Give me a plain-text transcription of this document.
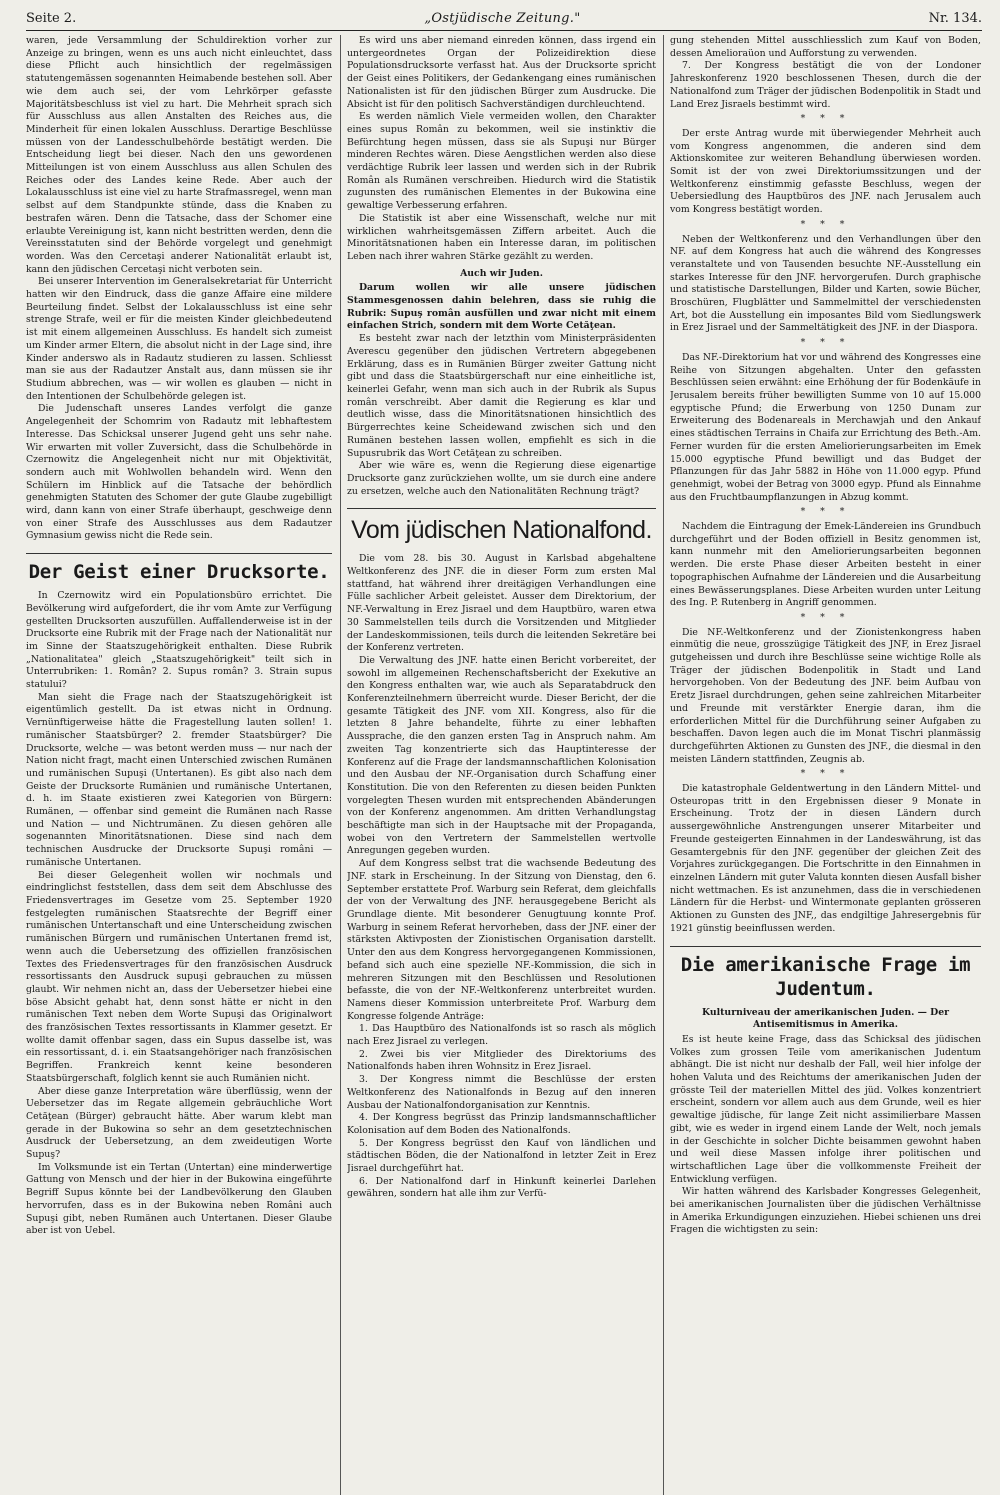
Seite 2.	„Ostjüdische Zeitung."	Nr. 134.

waren, jede Versammlung der Schuldirektion vorher zur Anzeige zu bringen, wenn es uns auch nicht einleuchtet, dass diese Pflicht auch hinsichtlich der regelmässigen statutengemässen sogenannten Heimabende bestehen soll. Aber wie dem auch sei, der vom Lehrkörper gefasste Majoritätsbeschluss ist viel zu hart. Die Mehrheit sprach sich für Ausschluss aus allen Anstalten des Reiches aus, die Minderheit für einen lokalen Ausschluss. Derartige Beschlüsse müssen von der Landesschulbehörde bestätigt werden. Die Entscheidung liegt bei dieser. Nach den uns gewordenen Mitteilungen ist von einem Ausschluss aus allen Schulen des Reiches oder des Landes keine Rede. Aber auch der Lokalausschluss ist eine viel zu harte Strafmassregel, wenn man selbst auf dem Standpunkte stünde, dass die Knaben zu bestrafen wären. Denn die Tatsache, dass der Schomer eine erlaubte Vereinigung ist, kann nicht bestritten werden, denn die Vereinsstatuten sind der Behörde vorgelegt und genehmigt worden. Was den Cercetaşi anderer Nationalität erlaubt ist, kann den jüdischen Cercetaşi nicht verboten sein.

Bei unserer Intervention im Generalsekretariat für Unterricht hatten wir den Eindruck, dass die ganze Affaire eine mildere Beurteilung findet. Selbst der Lokalausschluss ist eine sehr strenge Strafe, weil er für die meisten Kinder gleichbedeutend ist mit einem allgemeinen Ausschluss. Es handelt sich zumeist um Kinder armer Eltern, die absolut nicht in der Lage sind, ihre Kinder anderswo als in Radautz studieren zu lassen. Schliesst man sie aus der Radautzer Anstalt aus, dann müssen sie ihr Studium abbrechen, was — wir wollen es glauben — nicht in den Intentionen der Schulbehörde gelegen ist.

Die Judenschaft unseres Landes verfolgt die ganze Angelegenheit der Schomrim von Radautz mit lebhaftestem Interesse. Das Schicksal unserer Jugend geht uns sehr nahe. Wir erwarten mit voller Zuversicht, dass die Schulbehörde in Czernowitz die Angelegenheit nicht nur mit Objektivität, sondern auch mit Wohlwollen behandeln wird. Wenn den Schülern im Hinblick auf die Tatsache der behördlich genehmigten Statuten des Schomer der gute Glaube zugebilligt wird, dann kann von einer Strafe überhaupt, geschweige denn von einer Strafe des Ausschlusses aus dem Radautzer Gymnasium gewiss nicht die Rede sein.

Der Geist einer Drucksorte.

In Czernowitz wird ein Populationsbüro errichtet. Die Bevölkerung wird aufgefordert, die ihr vom Amte zur Verfügung gestellten Drucksorten auszufüllen. Auffallenderweise ist in der Drucksorte eine Rubrik mit der Frage nach der Nationalität nur im Sinne der Staatszugehörigkeit enthalten. Diese Rubrik „Nationalitatea" gleich „Staatszugehörigkeit" teilt sich in Unterrubriken: 1. Român? 2. Supus român? 3. Strain supus statului?

Man sieht die Frage nach der Staatszugehörigkeit ist eigentümlich gestellt. Da ist etwas nicht in Ordnung. Vernünftigerweise hätte die Fragestellung lauten sollen! 1. rumänischer Staatsbürger? 2. fremder Staatsbürger? Die Drucksorte, welche — was betont werden muss — nur nach der Nation nicht fragt, macht einen Unterschied zwischen Rumänen und rumänischen Supuşi (Untertanen). Es gibt also nach dem Geiste der Drucksorte Rumänien und rumänische Untertanen, d. h. im Staate existieren zwei Kategorien von Bürgern: Rumänen, — offenbar sind gemeint die Rumänen nach Rasse und Nation — und Nichtrumänen. Zu diesen gehören alle sogenannten Minoritätsnationen. Diese sind nach dem technischen Ausdrucke der Drucksorte Supuşi români — rumänische Untertanen.

Bei dieser Gelegenheit wollen wir nochmals und eindringlichst feststellen, dass dem seit dem Abschlusse des Friedensvertrages im Gesetze vom 25. September 1920 festgelegten rumänischen Staatsrechte der Begriff einer rumänischen Untertanschaft und eine Unterscheidung zwischen rumänischen Bürgern und rumänischen Untertanen fremd ist, wenn auch die Uebersetzung des offiziellen französischen Textes des Friedensvertrages für den französischen Ausdruck ressortissants den Ausdruck supuşi gebrauchen zu müssen glaubt. Wir nehmen nicht an, dass der Uebersetzer hiebei eine böse Absicht gehabt hat, denn sonst hätte er nicht in den rumänischen Text neben dem Worte Supuşi das Originalwort des französischen Textes ressortissants in Klammer gesetzt. Er wollte damit offenbar sagen, dass ein Supus dasselbe ist, was ein ressortissant, d. i. ein Staatsangehöriger nach französischen Begriffen. Frankreich kennt keine besonderen Staatsbürgerschaft, folglich kennt sie auch Rumänien nicht.

Aber diese ganze Interpretation wäre überflüssig, wenn der Uebersetzer das im Regate allgemein gebräuchliche Wort Cetăţean (Bürger) gebraucht hätte. Aber warum klebt man gerade in der Bukowina so sehr an dem gesetztechnischen Ausdruck der Uebersetzung, an dem zweideutigen Worte Supuş?

Im Volksmunde ist ein Tertan (Untertan) eine minderwertige Gattung von Mensch und der hier in der Bukowina eingeführte Begriff Supus könnte bei der Landbevölkerung den Glauben hervorrufen, dass es in der Bukowina neben Români auch Supuşi gibt, neben Rumänen auch Untertanen. Dieser Glaube aber ist von Uebel.

Es wird uns aber niemand einreden können, dass irgend ein untergeordnetes Organ der Polizeidirektion diese Populationsdrucksorte verfasst hat. Aus der Drucksorte spricht der Geist eines Politikers, der Gedankengang eines rumänischen Nationalisten ist für den jüdischen Bürger zum Ausdrucke. Die Absicht ist für den politisch Sachverständigen durchleuchtend.

Es werden nämlich Viele vermeiden wollen, den Charakter eines supus Român zu bekommen, weil sie instinktiv die Befürchtung hegen müssen, dass sie als Supuşi nur Bürger minderen Rechtes wären. Diese Aengstlichen werden also diese verdächtige Rubrik leer lassen und werden sich in der Rubrik Român als Rumänen verschreiben. Hiedurch wird die Statistik zugunsten des rumänischen Elementes in der Bukowina eine gewaltige Verbesserung erfahren.

Die Statistik ist aber eine Wissenschaft, welche nur mit wirklichen wahrheitsgemässen Ziffern arbeitet. Auch die Minoritätsnationen haben ein Interesse daran, im politischen Leben nach ihrer wahren Stärke gezählt zu werden.

Auch wir Juden.

Darum wollen wir alle unsere jüdischen Stammesgenossen dahin belehren, dass sie ruhig die Rubrik: Supuş român ausfüllen und zwar nicht mit einem einfachen Strich, sondern mit dem Worte Cetăţean.

Es besteht zwar nach der letzthin vom Ministerpräsidenten Averescu gegenüber den jüdischen Vertretern abgegebenen Erklärung, dass es in Rumänien Bürger zweiter Gattung nicht gibt und dass die Staatsbürgerschaft nur eine einheitliche ist, keinerlei Gefahr, wenn man sich auch in der Rubrik als Supus român verschreibt. Aber damit die Regierung es klar und deutlich wisse, dass die Minoritätsnationen hinsichtlich des Bürgerrechtes keine Scheidewand zwischen sich und den Rumänen bestehen lassen wollen, empfiehlt es sich in die Supusrubrik das Wort Cetăţean zu schreiben.

Aber wie wäre es, wenn die Regierung diese eigenartige Drucksorte ganz zurückziehen wollte, um sie durch eine andere zu ersetzen, welche auch den Nationalitäten Rechnung trägt?

Vom jüdischen Nationalfond.

Die vom 28. bis 30. August in Karlsbad abgehaltene Weltkonferenz des JNF. die in dieser Form zum ersten Mal stattfand, hat während ihrer dreitägigen Verhandlungen eine Fülle sachlicher Arbeit geleistet. Ausser dem Direktorium, der NF.-Verwaltung in Erez Jisrael und dem Hauptbüro, waren etwa 30 Sammelstellen teils durch die Vorsitzenden und Mitglieder der Landeskommissionen, teils durch die leitenden Sekretäre bei der Konferenz vertreten.

Die Verwaltung des JNF. hatte einen Bericht vorbereitet, der sowohl im allgemeinen Rechenschaftsbericht der Exekutive an den Kongress enthalten war, wie auch als Separatabdruck den Konferenzteilnehmern überreicht wurde. Dieser Bericht, der die gesamte Tätigkeit des JNF. vom XII. Kongress, also für die letzten 8 Jahre behandelte, führte zu einer lebhaften Aussprache, die den ganzen ersten Tag in Anspruch nahm. Am zweiten Tag konzentrierte sich das Hauptinteresse der Konferenz auf die Frage der landsmannschaftlichen Kolonisation und den Ausbau der NF.-Organisation durch Schaffung einer Konstitution. Die von den Referenten zu diesen beiden Punkten vorgelegten Thesen wurden mit entsprechenden Abänderungen von der Konferenz angenommen. Am dritten Verhandlungstag beschäftigte man sich in der Hauptsache mit der Propaganda, wobei von den Vertretern der Sammelstellen wertvolle Anregungen gegeben wurden.

Auf dem Kongress selbst trat die wachsende Bedeutung des JNF. stark in Erscheinung. In der Sitzung von Dienstag, den 6. September erstattete Prof. Warburg sein Referat, dem gleichfalls der von der Verwaltung des JNF. herausgegebene Bericht als Grundlage diente. Mit besonderer Genugtuung konnte Prof. Warburg in seinem Referat hervorheben, dass der JNF. einer der stärksten Aktivposten der Zionistischen Organisation darstellt. Unter den aus dem Kongress hervorgegangenen Kommissionen, befand sich auch eine spezielle NF.-Kommission, die sich in mehreren Sitzungen mit den Beschlüssen und Resolutionen befasste, die von der NF.-Weltkonferenz unterbreitet wurden. Namens dieser Kommission unterbreitete Prof. Warburg dem Kongresse folgende Anträge:

1. Das Hauptbüro des Nationalfonds ist so rasch als möglich nach Erez Jisrael zu verlegen.

2. Zwei bis vier Mitglieder des Direktoriums des Nationalfonds haben ihren Wohnsitz in Erez Jisrael.

3. Der Kongress nimmt die Beschlüsse der ersten Weltkonferenz des Nationalfonds in Bezug auf den inneren Ausbau der Nationalfondorganisation zur Kenntnis.

4. Der Kongress begrüsst das Prinzip landsmannschaftlicher Kolonisation auf dem Boden des Nationalfonds.

5. Der Kongress begrüsst den Kauf von ländlichen und städtischen Böden, die der Nationalfond in letzter Zeit in Erez Jisrael durchgeführt hat.

6. Der Nationalfond darf in Hinkunft keinerlei Darlehen gewähren, sondern hat alle ihm zur Verfü-

gung stehenden Mittel ausschliesslich zum Kauf von Boden, dessen Amelioraüon und Aufforstung zu verwenden.

7. Der Kongress bestätigt die von der Londoner Jahreskonferenz 1920 beschlossenen Thesen, durch die der Nationalfond zum Träger der jüdischen Bodenpolitik in Stadt und Land Erez Jisraels bestimmt wird.

* * *

Der erste Antrag wurde mit überwiegender Mehrheit auch vom Kongress angenommen, die anderen sind dem Aktionskomitee zur weiteren Behandlung überwiesen worden. Somit ist der von zwei Direktoriumssitzungen und der Weltkonferenz einstimmig gefasste Beschluss, wegen der Uebersiedlung des Hauptbüros des JNF. nach Jerusalem auch vom Kongress bestätigt worden.

* * *

Neben der Weltkonferenz und den Verhandlungen über den NF. auf dem Kongress hat auch die während des Kongresses veranstaltete und von Tausenden besuchte NF.-Ausstellung ein starkes Interesse für den JNF. hervorgerufen. Durch graphische und statistische Darstellungen, Bilder und Karten, sowie Bücher, Broschüren, Flugblätter und Sammelmittel der verschiedensten Art, bot die Ausstellung ein imposantes Bild vom Siedlungswerk in Erez Jisrael und der Sammeltätigkeit des JNF. in der Diaspora.

* * *

Das NF.-Direktorium hat vor und während des Kongresses eine Reihe von Sitzungen abgehalten. Unter den gefassten Beschlüssen seien erwähnt: eine Erhöhung der für Bodenkäufe in Jerusalem bereits früher bewilligten Summe von 10 auf 15.000 egyptische Pfund; die Erwerbung von 1250 Dunam zur Erweiterung des Bodenareals in Merchawjah und den Ankauf eines städtischen Terrains in Chaifa zur Errichtung des Beth.-Am. Ferner wurden für die ersten Ameliorierungsarbeiten im Emek 15.000 egyptische Pfund bewilligt und das Budget der Pflanzungen für das Jahr 5882 in Höhe von 11.000 egyp. Pfund genehmigt, wobei der Betrag von 3000 egyp. Pfund als Einnahme aus den Fruchtbaumpflanzungen in Abzug kommt.

* * *

Nachdem die Eintragung der Emek-Ländereien ins Grundbuch durchgeführt und der Boden offiziell in Besitz genommen ist, kann nunmehr mit den Ameliorierungsarbeiten begonnen werden. Die erste Phase dieser Arbeiten besteht in einer topographischen Aufnahme der Ländereien und die Ausarbeitung eines Bewässerungsplanes. Diese Arbeiten wurden unter Leitung des Ing. P. Rutenberg in Angriff genommen.

* * *

Die NF.-Weltkonferenz und der Zionistenkongress haben einmütig die neue, grosszügige Tätigkeit des JNF, in Erez Jisrael gutgeheissen und durch ihre Beschlüsse seine wichtige Rolle als Träger der jüdischen Bodenpolitik in Stadt und Land hervorgehoben. Von der Bedeutung des JNF. beim Aufbau von Eretz Jisrael durchdrungen, gehen seine zahlreichen Mitarbeiter und Freunde mit verstärkter Energie daran, ihm die erforderlichen Mittel für die Durchführung seiner Aufgaben zu beschaffen. Davon legen auch die im Monat Tischri planmässig durchgeführten Aktionen zu Gunsten des JNF., die diesmal in den meisten Ländern stattfinden, Zeugnis ab.

* * *

Die katastrophale Geldentwertung in den Ländern Mittel- und Osteuropas tritt in den Ergebnissen dieser 9 Monate in Erscheinung. Trotz der in diesen Ländern durch aussergewöhnliche Anstrengungen unserer Mitarbeiter und Freunde gesteigerten Einnahmen in der Landeswährung, ist das Gesamtergebnis für den JNF. gegenüber der gleichen Zeit des Vorjahres zurückgegangen. Die Fortschritte in den Einnahmen in einzelnen Ländern mit guter Valuta konnten diesen Ausfall bisher nicht wettmachen. Es ist anzunehmen, dass die in verschiedenen Ländern für die Herbst- und Wintermonate geplanten grösseren Aktionen zu Gunsten des JNF,, das endgiltige Jahresergebnis für 1921 günstig beeinflussen werden.

Die amerikanische Frage im Judentum.

Kulturniveau der amerikanischen Juden. — Der Antisemitismus in Amerika.

Es ist heute keine Frage, dass das Schicksal des jüdischen Volkes zum grossen Teile vom amerikanischen Judentum abhängt. Die ist nicht nur deshalb der Fall, weil hier infolge der hohen Valuta und des Reichtums der amerikanischen Juden der grösste Teil der materiellen Mittel des jüd. Volkes konzentriert erscheint, sondern vor allem auch aus dem Grunde, weil es hier gewaltige jüdische, für lange Zeit nicht assimilierbare Massen gibt, wie es weder in irgend einem Lande der Welt, noch jemals in der Geschichte in solcher Dichte beisammen gewohnt haben und weil diese Massen infolge ihrer politischen und wirtschaftlichen Lage über die vollkommenste Freiheit der Entwicklung verfügen.

Wir hatten während des Karlsbader Kongresses Gelegenheit, bei amerikanischen Journalisten über die jüdischen Verhältnisse in Amerika Erkundigungen einzuziehen. Hiebei schienen uns drei Fragen die wichtigsten zu sein:
